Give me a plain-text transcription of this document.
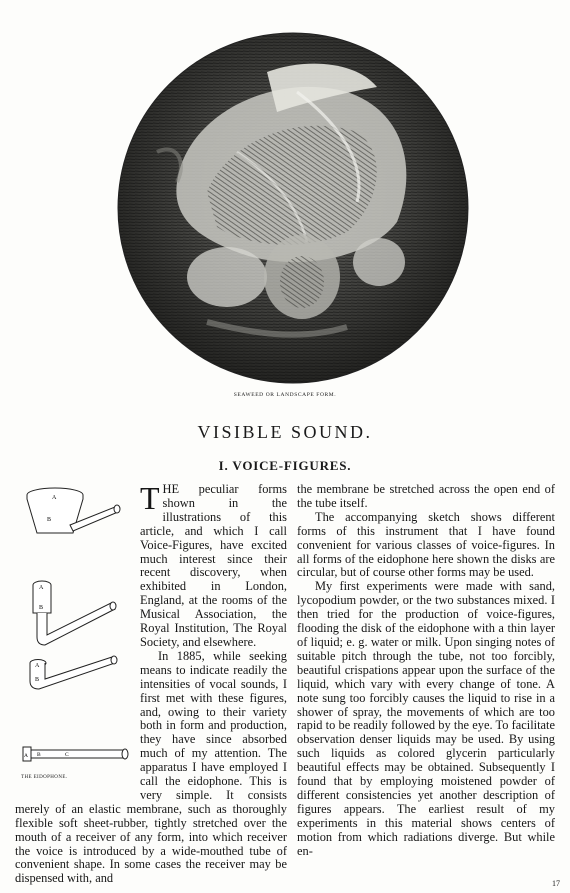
SEAWEED OR LANDSCAPE FORM.
VISIBLE SOUND.
I. VOICE-FIGURES.
A
B
A
B
A
B
A B	C
THE EIDOPHONE.

THE peculiar forms shown in the illustrations of this article, and which I call Voice-Figures, have excited much interest since their recent discovery, when exhibited in London, England, at the rooms of the Musical Association, the Royal Institution, The Royal Society, and elsewhere.

In 1885, while seeking means to indicate readily the intensities of vocal sounds, I first met with these figures, and, owing to their variety both in form and production, they have since absorbed much of my attention. The apparatus I have employed I call the eidophone. This is very simple. It consists merely of an elastic membrane, such as thoroughly flexible soft sheet-rubber, tightly stretched over the mouth of a receiver of any form, into which receiver the voice is introduced by a wide-mouthed tube of convenient shape. In some cases the receiver may be dispensed with, and

the membrane be stretched across the open end of the tube itself.

The accompanying sketch shows different forms of this instrument that I have found convenient for various classes of voice-figures. In all forms of the eidophone here shown the disks are circular, but of course other forms may be used.

My first experiments were made with sand, lycopodium powder, or the two substances mixed. I then tried for the production of voice-figures, flooding the disk of the eidophone with a thin layer of liquid; e. g. water or milk. Upon singing notes of suitable pitch through the tube, not too forcibly, beautiful crispations appear upon the surface of the liquid, which vary with every change of tone. A note sung too forcibly causes the liquid to rise in a shower of spray, the movements of which are too rapid to be readily followed by the eye. To facilitate observation denser liquids may be used. By using such liquids as colored glycerin particularly beautiful effects may be obtained. Subsequently I found that by employing moistened powder of different consistencies yet another description of figures appears. The earliest result of my experiments in this material shows centers of motion from which radiations diverge. But while en-

17
